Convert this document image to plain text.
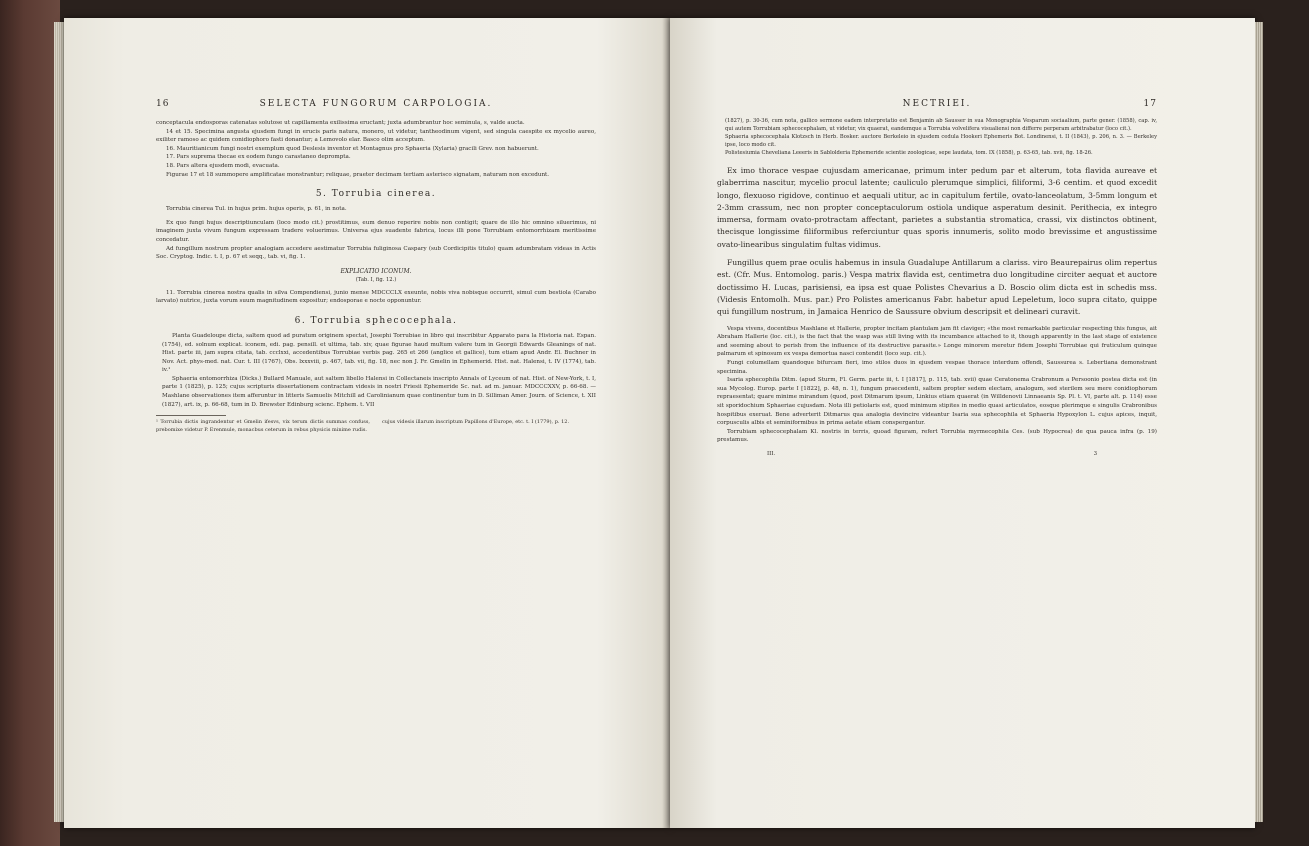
16	SELECTA FUNGORUM CARPOLOGIA.

conceptacula endosporas catenatas solutose ut capillamenta exilissima eructant; juxta adumbrantur hoc seminula, s, valde aucta.

14 et 15. Specimina angusta ejusdem fungi in erucis paris natura, monero, ut videtur, tantheodinum vigent, sed singula caespite ex mycelio aureo, exiliter ramoso ac quidem conidiophoro fasti donantur; a Lemovolo elar. Basco olim acceptum.

16. Mauritianicum fungi nostri exemplum quod Deslesis inventor et Montagnus pro Sphaeria (Xylaria) gracili Grev. non habuerunt.

17. Pars suprema thecae ex eodem fungo carastaneo deprompta.

18. Pars altera ejusdem modi, evacuata.

Figurae 17 et 18 summopere amplificatae monstrantur; reliquae, praeter decimam tertiam asterisco signatam, naturam non excedunt.

5. Torrubia cinerea.

Torrubia cinerea Tul. in hujus prim. hujus operis, p. 61, in nota.

Ex quo fungi hujus descriptiunculam (loco modo cit.) prostitimus, eum denuo reperire nobis non contigit; quare de illo hic omnino siluerimus, ni imaginem juxta vivum fungum expressam tradere voluerimus. Universa ejus suadente fabrica, locus illi pone Torrubiam entomorrhizam meritissime concedatur.

Ad fungillum nostrum propter analogiam accedere aestimatur Torrubia fuliginosa Caspary (sub Cordicipitis titulo) quam adumbratam videas in Actis Soc. Cryptog. Indic. t. I, p. 67 et seqq., tab. vi, fig. 1.

EXPLICATIO ICONUM.

(Tab. I, fig. 12.)

11. Torrubia cinerea nostra qualis in silva Compendiensi, junio mense MDCCCLX exeunte, nobis viva nobisque occurrit, simul cum bestiola (Carabo larvato) nutrice, juxta vorum suum magnitudinem expositur; endosporae e nocte opponuntur.

6. Torrubia sphecocephala.

Planta Guadeloupe dicta, saltem quod ad puratum originem spectat, Josephi Torrubiae in libro qui inscribitur Apparato para la Historia nat. Espan. (1754), ed. solnum explicat. iconem, edi. pag. pensill. et ultima, tab. xiv, quae figurae haud multum valere tum in Georgii Edwards Gleanings of nat. Hist. parte iii, jam supra citata, tab. ccclxxi, accedentibus Torrubiae verbis pag. 265 et 266 (anglice et gallice), tum etiam apud Andr. El. Buchner in Nov. Act. phys-med. nat. Cur. t. III (1767), Obs. lxxxviii, p. 467, tab. vii, fig. 18, nec non J. Fr. Gmelin in Ephemerid. Hist. nat. Halensi, t. IV (1774), tab. iv.¹

Sphaeria entomorrhiza (Dicks.) Bullard Manuale, aut saltem libello Halensi in Collectaneis inscripto Annals of Lyceum of nat. Hist. of New-York, t. I, parte 1 (1825), p. 125; cujus scripturis dissertationem contractam videsis in nostri Friesii Ephemeride Sc. nat. ad m. januar. MDCCCXXV, p. 66-68. — Mashlane observationes item afferuntur in litteris Samuelis Mitchill ad Carolinianum quae continentur tum in D. Silliman Amer. Journ. of Science, t. XII (1827), art. ix, p. 66-68, tum in D. Brewster Edinburg scienc. Ephem. t. VII

¹ Torrubia dictis ingrandentur et Gmelin ifesvs, vix terum dictis summas confuss, prebomixe videtur P. Erenmule, monacbus ceterum in rebus physicis minime rudis.

cujus videsis illarum inscriptum Papillons d'Europe, etc. t. I (1779), p. 12.

NECTRIEI.	17

(1827), p. 30-36, cum nota, gallico sermone eadem interpretatio est Benjamin ab Sausser in sua Monographia Vesparum sociaalium, parte gener. (1858), cap. iv, qui autem Torrubiam sphecocephalam, ut videtur, vix quaerat, eandemque a Torrubia volvelifera visualiensi non differre perperam arbitrabatur (loco cit.).

Sphaeria sphecocephala Klotzsch in Herb. Bosker. auctore Berkeleio in ejusdem cedula Hookeri Ephemeris Bot. Londinensi, t. II (1843), p. 206, n. 3. — Berkeley ipse, loco modo cit.

Polistesiumia Cheveliana Leeeris in Sablolderia Ephemeride scientie zoologicae, sepe laudata, tom. IX (1858), p. 63-65, tab. xvii, fig. 18-26.

Ex imo thorace vespae cujusdam americanae, primum inter pedum par et alterum, tota flavida aureave et glaberrima nascitur, mycelio procul latente; cauliculo plerumque simplici, filiformi, 3-6 centim. et quod excedit longo, flexuoso rigidove, continuo et aequali utitur, ac in capitulum fertile, ovato-lanceolatum, 3-5mm longum et 2-3mm crassum, nec non propter conceptaculorum ostiola undique asperatum desinit. Perithecia, ex integro immersa, formam ovato-protractam affectant, parietes a substantia stromatica, crassi, vix distinctos obtinent, thecisque longissime filiformibus referciuntur quas sporis innumeris, solito modo brevissime et angustissime ovato-linearibus singulatim fultas vidimus.

Fungillus quem prae oculis habemus in insula Guadalupe Antillarum a clariss. viro Beaurepairus olim repertus est. (Cfr. Mus. Entomolog. paris.) Vespa matrix flavida est, centimetra duo longitudine circiter aequat et auctore doctissimo H. Lucas, parisiensi, ea ipsa est quae Polistes Chevarius a D. Boscio olim dicta est in schedis mss. (Videsis Entomolh. Mus. par.) Pro Polistes americanus Fabr. habetur apud Lepeletum, loco supra citato, quippe qui fungillum nostrum, in Jamaica Henrico de Saussure obvium descripsit et delineari curavit.

Vespa vivens, docentibus Mashlane et Hallerie, propter incitam plantulam jam fit claviger; «the most remarkable particular respecting this fungus, ait Abraham Hallerie (loc. cit.), is the fact that the wasp was still living with its incumbance attached to it, though apparently in the last stage of existence and seeming about to perish from the influence of its destructive parasite.» Longe minorem meretur fidem Josephi Torrubiae qui fruticulum quinque palmarum et spinosum ex vespa demortua nasci contendit (loco sup. cit.).

Fungi columellam quandoque bifurcam fieri, imo stilos duos in ejusdem vespae thorace interdum offendi, Saussurea s. Lebertiana demonstrant specimina.

Isaria sphecophila Ditm. (apud Sturm, Fl. Germ. parte iii, t. I [1817], p. 115, tab. xvii) quae Ceratonema Crabronum a Persoonio postea dicta est (in sua Mycolog. Europ. parte I [1822], p. 48, n. 1), fungum praecedenti, saltem propter sedem electam, analogum, sed sterilem seu mere conidiophorum repraesentat; quare minime mirandum (quod, post Ditmarum ipsum, Linkius etiam quaerat (in Willdenovii Linnaeanis Sp. Pl. t. VI, parte alt. p. 114) esse sit sporidochium Sphaeriae cujusdam. Nota illi petiolaris est, quod minimum stipites in medio quasi articulatos, eosque plerimque e singulis Crabronibus hospitibus exeruat. Bene adverterit Ditmarus qua analogia devincire videantur Isaria sua sphecophila et Sphaeria Hypoxylon L. cujus apices, inquit, corpusculis albis et seminiformibus in prima aetate etiam conspergantur.

Torrubiam sphecocephalam Kl. nostris in terris, quoad figuram, refert Torrubia myrmecophila Ces. (sub Hypocrea) de qua pauca infra (p. 19) prestamus.

III.	3
